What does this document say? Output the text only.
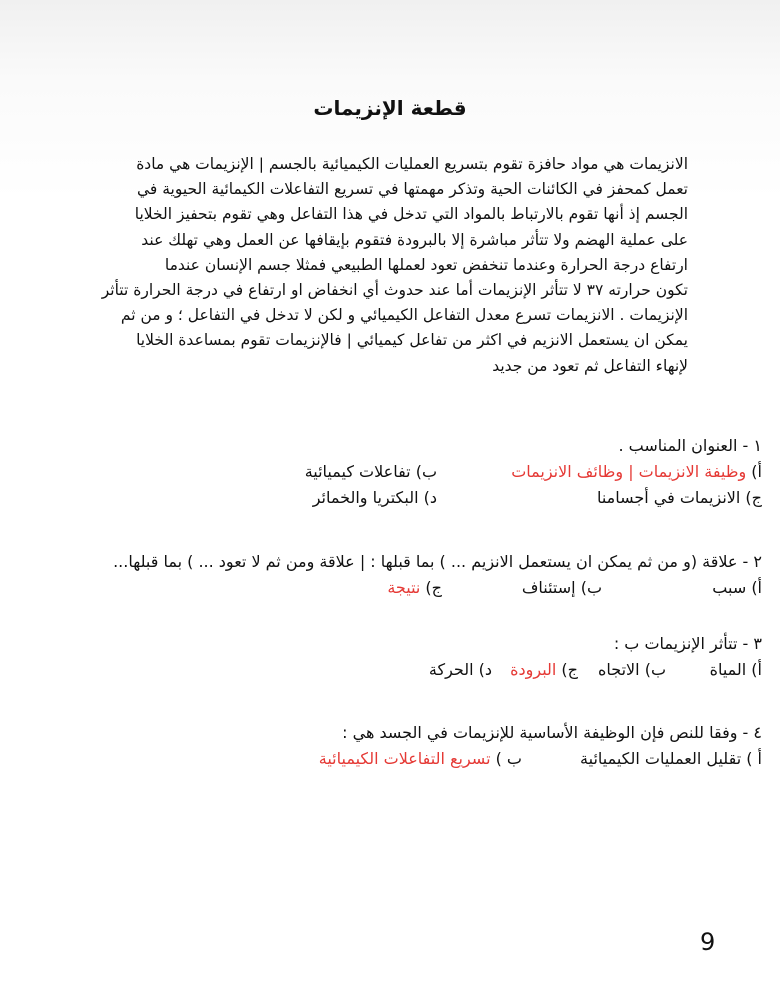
قطعة الإنزيمات
الانزيمات هي مواد حافزة تقوم بتسريع العمليات الكيميائية بالجسم | الإنزيمات هي مادة
تعمل كمحفز في الكائنات الحية وتذكر مهمتها في تسريع التفاعلات الكيمائية الحيوية في
الجسم إذ أنها تقوم بالارتباط بالمواد التي تدخل في هذا التفاعل وهي تقوم بتحفيز الخلايا
على عملية الهضم ولا تتأثر مباشرة إلا بالبرودة فتقوم بإيقافها عن العمل وهي تهلك عند
ارتفاع درجة الحرارة وعندما تنخفض تعود لعملها الطبيعي فمثلا جسم الإنسان عندما
تكون حرارته ٣٧ لا تتأثر الإنزيمات أما عند حدوث أي انخفاض او ارتفاع في درجة الحرارة تتأثر
الإنزيمات . الانزيمات تسرع معدل التفاعل الكيميائي و لكن لا تدخل في التفاعل ؛ و من ثم
يمكن ان يستعمل الانزيم في اكثر من تفاعل كيميائي | فالإنزيمات تقوم بمساعدة الخلايا
لإنهاء التفاعل ثم تعود من جديد
١ - العنوان المناسب .
أ) وظيفة الانزيمات | وظائف الانزيمات
ب) تفاعلات كيميائية
ج) الانزيمات في أجسامنا
د) البكتريا والخمائر
٢ - علاقة (و من ثم يمكن ان يستعمل الانزيم ... ) بما قبلها : | علاقة ومن ثم لا تعود ... ) بما قبلها...
أ) سبب
ب) إستئناف
ج) نتيجة
٣ - تتأثر الإنزيمات ب :
أ) المياة
ب) الاتجاه
ج) البرودة
د) الحركة
٤ - وفقا للنص فإن الوظيفة الأساسية للإنزيمات في الجسد هي :
أ ) تقليل العمليات الكيميائية
ب ) تسريع التفاعلات الكيميائية
9
